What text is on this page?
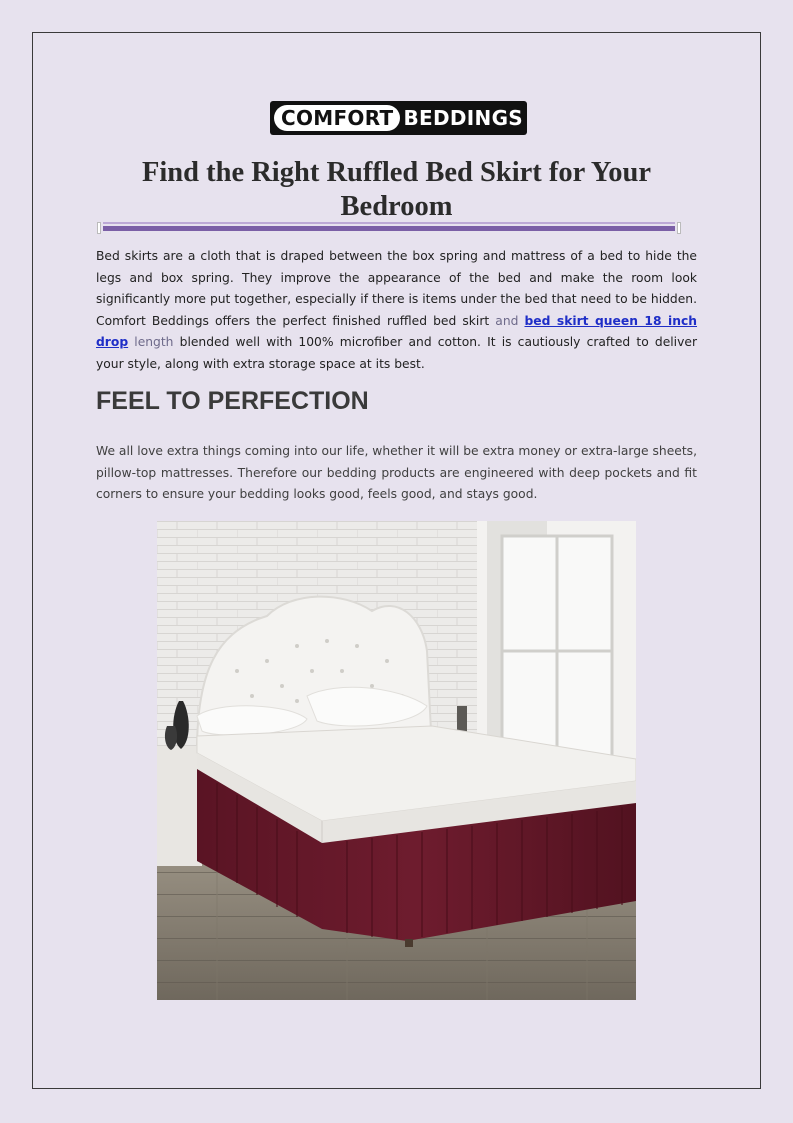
COMFORT BEDDINGS
Find the Right Ruffled Bed Skirt for Your Bedroom

Bed skirts are a cloth that is draped between the box spring and mattress of a bed to hide the legs and box spring. They improve the appearance of the bed and make the room look significantly more put together, especially if there is items under the bed that need to be hidden. Comfort Beddings offers the perfect finished ruffled bed skirt and bed skirt queen 18 inch drop length blended well with 100% microfiber and cotton. It is cautiously crafted to deliver your style, along with extra storage space at its best.

FEEL TO PERFECTION

We all love extra things coming into our life, whether it will be extra money or extra-large sheets, pillow-top mattresses. Therefore our bedding products are engineered with deep pockets and fit corners to ensure your bedding looks good, feels good, and stays good.
